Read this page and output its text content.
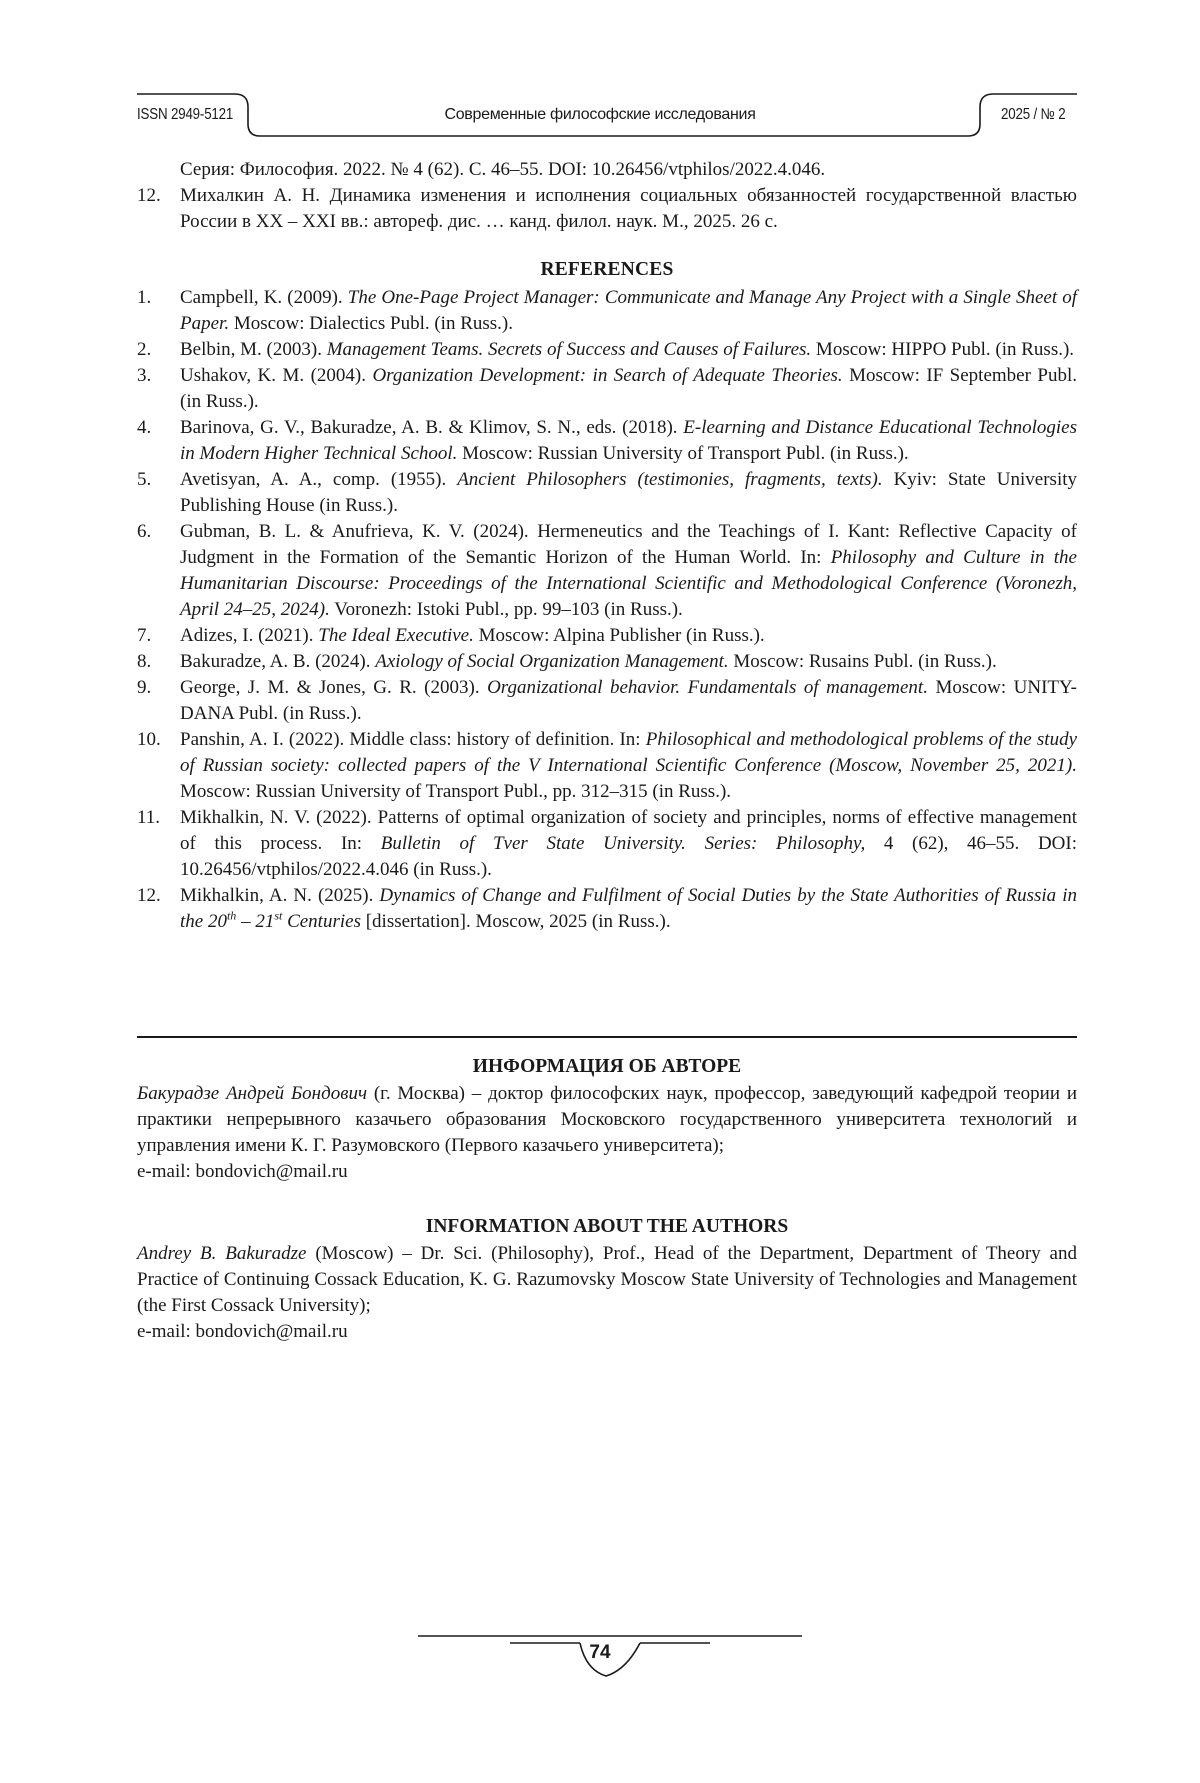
ISSN 2949-5121	Современные философские исследования	2025 / № 2
Серия: Философия. 2022. № 4 (62). С. 46–55. DOI: 10.26456/vtphilos/2022.4.046.
12. Михалкин А. Н. Динамика изменения и исполнения социальных обязанностей государственной властью России в XX – XXI вв.: автореф. дис. … канд. филол. наук. М., 2025. 26 с.
REFERENCES
1. Campbell, K. (2009). The One-Page Project Manager: Communicate and Manage Any Project with a Single Sheet of Paper. Moscow: Dialectics Publ. (in Russ.).
2. Belbin, M. (2003). Management Teams. Secrets of Success and Causes of Failures. Moscow: HIPPO Publ. (in Russ.).
3. Ushakov, K. M. (2004). Organization Development: in Search of Adequate Theories. Moscow: IF September Publ. (in Russ.).
4. Barinova, G. V., Bakuradze, A. B. & Klimov, S. N., eds. (2018). E-learning and Distance Educational Technologies in Modern Higher Technical School. Moscow: Russian University of Transport Publ. (in Russ.).
5. Avetisyan, A. A., comp. (1955). Ancient Philosophers (testimonies, fragments, texts). Kyiv: State University Publishing House (in Russ.).
6. Gubman, B. L. & Anufrieva, K. V. (2024). Hermeneutics and the Teachings of I. Kant: Reflective Capacity of Judgment in the Formation of the Semantic Horizon of the Human World. In: Philosophy and Culture in the Humanitarian Discourse: Proceedings of the International Scientific and Methodological Conference (Voronezh, April 24–25, 2024). Voronezh: Istoki Publ., pp. 99–103 (in Russ.).
7. Adizes, I. (2021). The Ideal Executive. Moscow: Alpina Publisher (in Russ.).
8. Bakuradze, A. B. (2024). Axiology of Social Organization Management. Moscow: Rusains Publ. (in Russ.).
9. George, J. M. & Jones, G. R. (2003). Organizational behavior. Fundamentals of management. Moscow: UNITY-DANA Publ. (in Russ.).
10. Panshin, A. I. (2022). Middle class: history of definition. In: Philosophical and methodological problems of the study of Russian society: collected papers of the V International Scientific Conference (Moscow, November 25, 2021). Moscow: Russian University of Transport Publ., pp. 312–315 (in Russ.).
11. Mikhalkin, N. V. (2022). Patterns of optimal organization of society and principles, norms of effective management of this process. In: Bulletin of Tver State University. Series: Philosophy, 4 (62), 46–55. DOI: 10.26456/vtphilos/2022.4.046 (in Russ.).
12. Mikhalkin, A. N. (2025). Dynamics of Change and Fulfilment of Social Duties by the State Authorities of Russia in the 20th – 21st Centuries [dissertation]. Moscow, 2025 (in Russ.).
ИНФОРМАЦИЯ ОБ АВТОРЕ
Бакурадзе Андрей Бондович (г. Москва) – доктор философских наук, профессор, заведующий кафедрой теории и практики непрерывного казачьего образования Московского государственного университета технологий и управления имени К. Г. Разумовского (Первого казачьего университета);
e-mail: bondovich@mail.ru
INFORMATION ABOUT THE AUTHORS
Andrey B. Bakuradze (Moscow) – Dr. Sci. (Philosophy), Prof., Head of the Department, Department of Theory and Practice of Continuing Cossack Education, K. G. Razumovsky Moscow State University of Technologies and Management (the First Cossack University);
e-mail: bondovich@mail.ru
74
